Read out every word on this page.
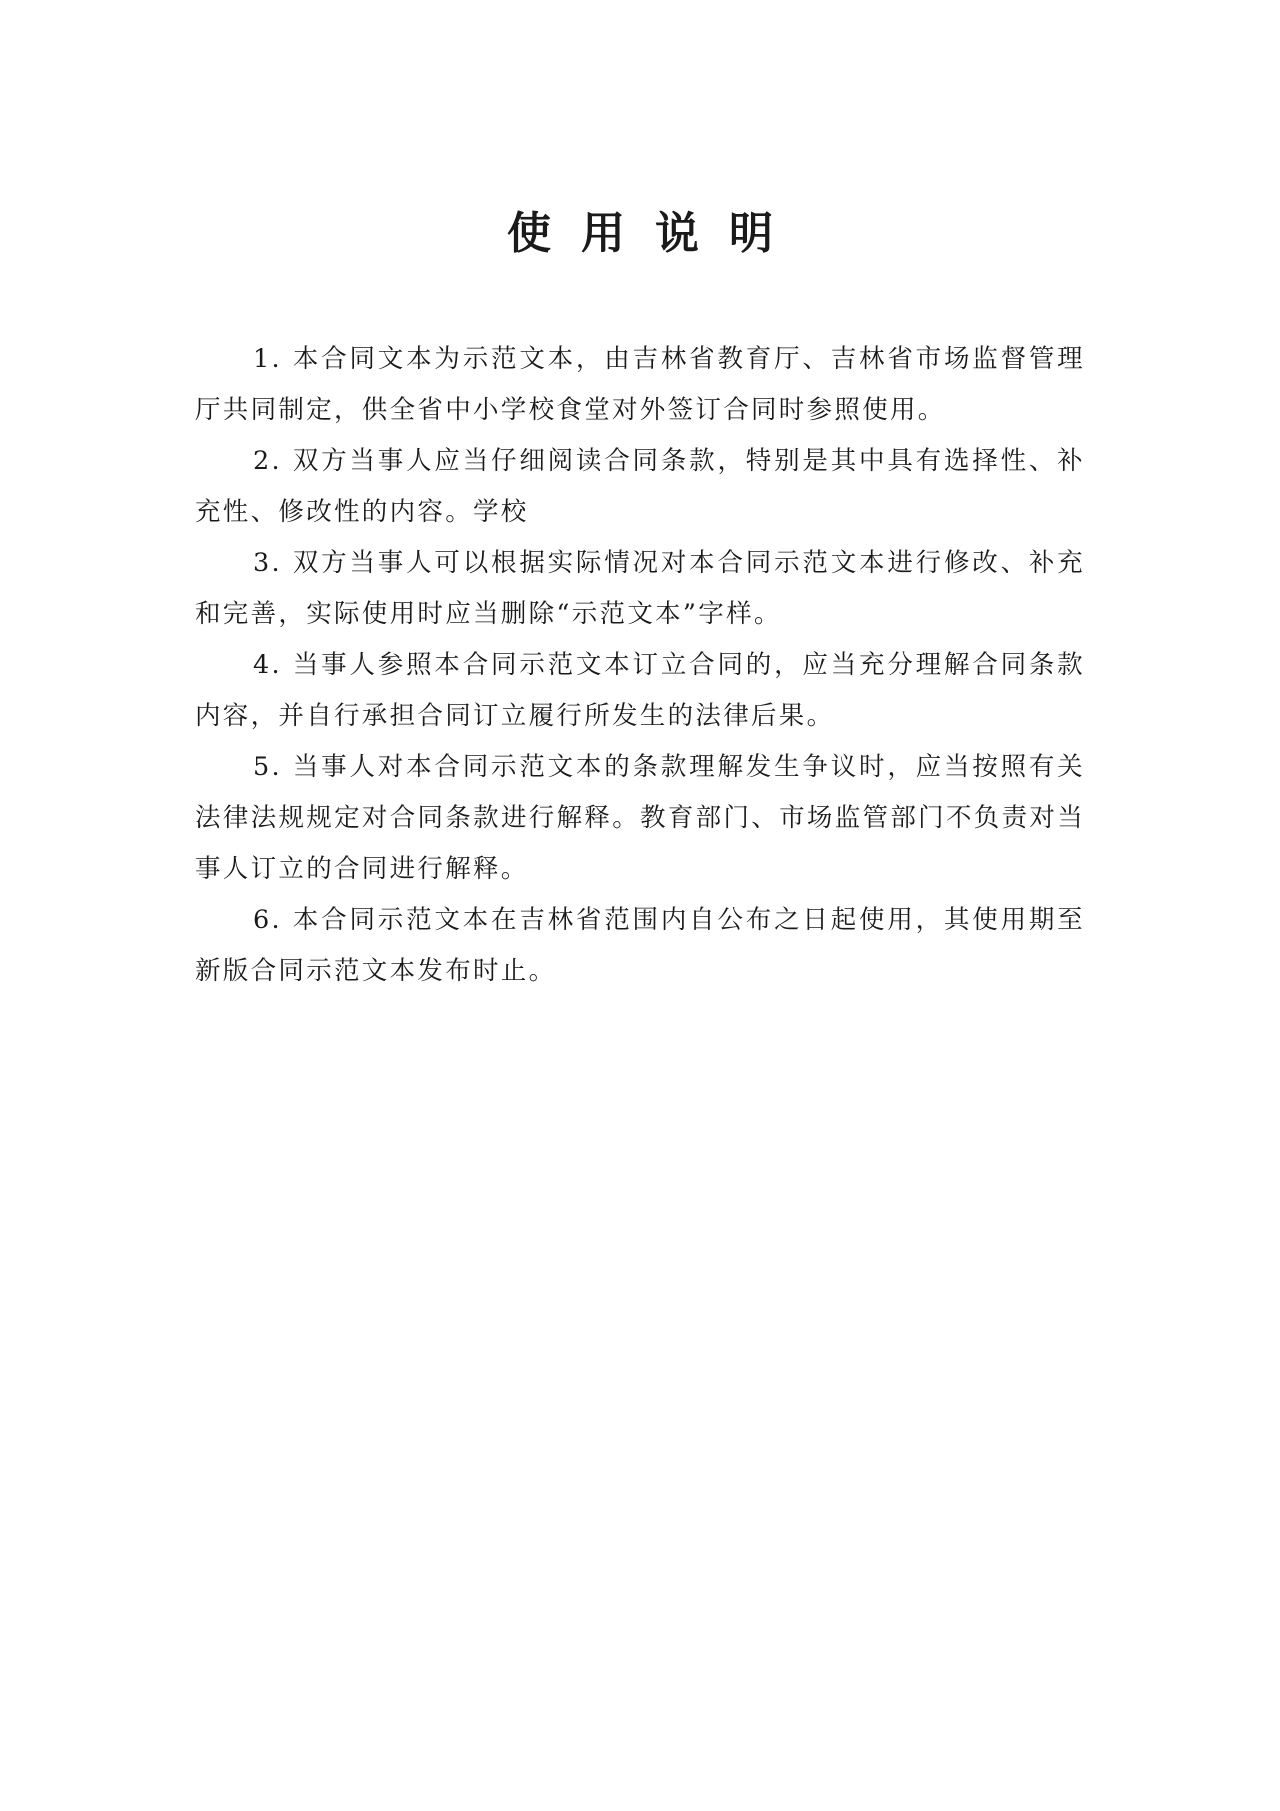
使用说明

1. 本合同文本为示范文本，由吉林省教育厅、吉林省市场监督管理厅共同制定，供全省中小学校食堂对外签订合同时参照使用。

2. 双方当事人应当仔细阅读合同条款，特别是其中具有选择性、补充性、修改性的内容。学校

3. 双方当事人可以根据实际情况对本合同示范文本进行修改、补充和完善，实际使用时应当删除“示范文本”字样。

4. 当事人参照本合同示范文本订立合同的，应当充分理解合同条款内容，并自行承担合同订立履行所发生的法律后果。

5. 当事人对本合同示范文本的条款理解发生争议时，应当按照有关法律法规规定对合同条款进行解释。教育部门、市场监管部门不负责对当事人订立的合同进行解释。

6. 本合同示范文本在吉林省范围内自公布之日起使用，其使用期至新版合同示范文本发布时止。
